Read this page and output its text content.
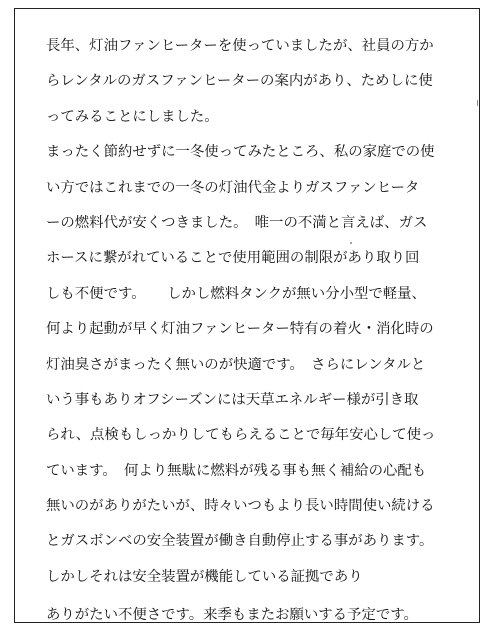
長年、灯油ファンヒーターを使っていましたが、社員の方か
らレンタルのガスファンヒーターの案内があり、ためしに使
ってみることにしました。
まったく節約せずに一冬使ってみたところ、私の家庭での使
い方ではこれまでの一冬の灯油代金よりガスファンヒータ
ーの燃料代が安くつきました。　唯一の不満と言えば、ガス
ホースに繋がれていることで使用範囲の制限があり取り回
しも不便です。　　しかし燃料タンクが無い分小型で軽量、
何より起動が早く灯油ファンヒーター特有の着火・消化時の
灯油臭さがまったく無いのが快適です。　さらにレンタルと
いう事もありオフシーズンには天草エネルギー様が引き取
られ、点検もしっかりしてもらえることで毎年安心して使っ
ています。　何より無駄に燃料が残る事も無く補給の心配も
無いのがありがたいが、時々いつもより長い時間使い続ける
とガスボンベの安全装置が働き自動停止する事があります。
しかしそれは安全装置が機能している証拠であり
ありがたい不便さです。来季もまたお願いする予定です。
